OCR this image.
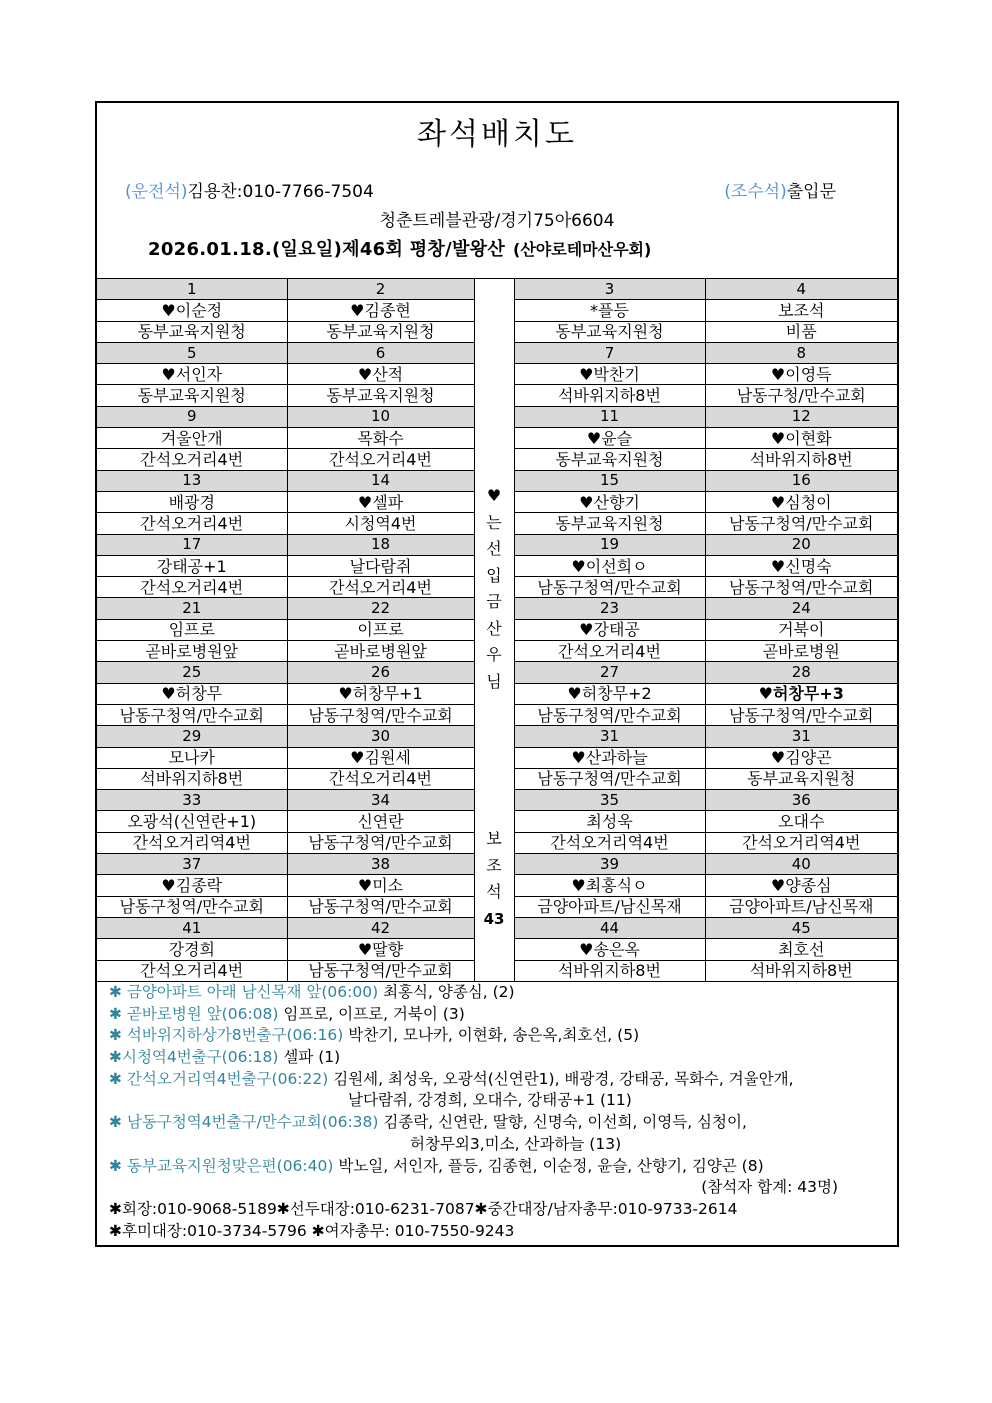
좌석배치도
(운전석)김용찬:010-7766-7504	(조수석)출입문
청춘트레블관광/경기75아6604
2026.01.18.(일요일)제46회 평창/발왕산 (산야로테마산우회)
1	2		3	4
♥이순정	♥김종현		*플등	보조석
동부교육지원청	동부교육지원청		동부교육지원청	비품
5	6		7	8
♥서인자	♥산적		♥박찬기	♥이영득
동부교육지원청	동부교육지원청		석바위지하8번	남동구청/만수교회
9	10		11	12
겨울안개	목화수		♥윤슬	♥이현화
간석오거리4번	간석오거리4번		동부교육지원청	석바위지하8번
13	14		15	16
배광경	♥셀파		♥산향기	♥심청이
간석오거리4번	시청역4번		동부교육지원청	남동구청역/만수교회
17	18		19	20
강태공+1	날다람쥐		♥이선희ㅇ	♥신명숙
간석오거리4번	간석오거리4번		남동구청역/만수교회	남동구청역/만수교회
21	22		23	24
임프로	이프로		♥강태공	거북이
곧바로병원앞	곧바로병원앞		간석오거리4번	곧바로병원
25	26		27	28
♥허창무	♥허창무+1		♥허창무+2	♥허창무+3
남동구청역/만수교회	남동구청역/만수교회		남동구청역/만수교회	남동구청역/만수교회
29	30		31	31
모나카	♥김원세		♥산과하늘	♥김양곤
석바위지하8번	간석오거리4번		남동구청역/만수교회	동부교육지원청
33	34		35	36
오광석(신연란+1)	신연란		최성욱	오대수
간석오거리역4번	남동구청역/만수교회		간석오거리역4번	간석오거리역4번
37	38		39	40
♥김종락	♥미소		♥최홍식ㅇ	♥양종심
남동구청역/만수교회	남동구청역/만수교회		금양아파트/남신목재	금양아파트/남신목재
41	42		44	45
강경희	♥딸향		♥송은옥	최호선
간석오거리4번	남동구청역/만수교회		석바위지하8번	석바위지하8번
♥
는
선
입
금
산
우
님
보
조
석
43
✱ 금양아파트 아래 남신목재 앞(06:00) 최홍식, 양종심, (2)
✱ 곧바로병원 앞(06:08) 임프로, 이프로, 거북이 (3)
✱ 석바위지하상가8번출구(06:16) 박찬기, 모나카, 이현화, 송은옥,최호선, (5)
✱시청역4번출구(06:18) 셀파 (1)
✱ 간석오거리역4번출구(06:22) 김원세, 최성욱, 오광석(신연란1), 배광경, 강태공, 목화수, 겨울안개,
날다람쥐, 강경희, 오대수, 강태공+1 (11)
✱ 남동구청역4번출구/만수교회(06:38) 김종락, 신연란, 딸향, 신명숙, 이선희, 이영득, 심청이,
허창무외3,미소, 산과하늘 (13)
✱ 동부교육지원청맞은편(06:40) 박노일, 서인자, 플등, 김종현, 이순정, 윤슬, 산향기, 김양곤 (8)
(참석자 합계: 43명)
✱회장:010-9068-5189✱선두대장:010-6231-7087✱중간대장/남자총무:010-9733-2614
✱후미대장:010-3734-5796 ✱여자총무: 010-7550-9243
